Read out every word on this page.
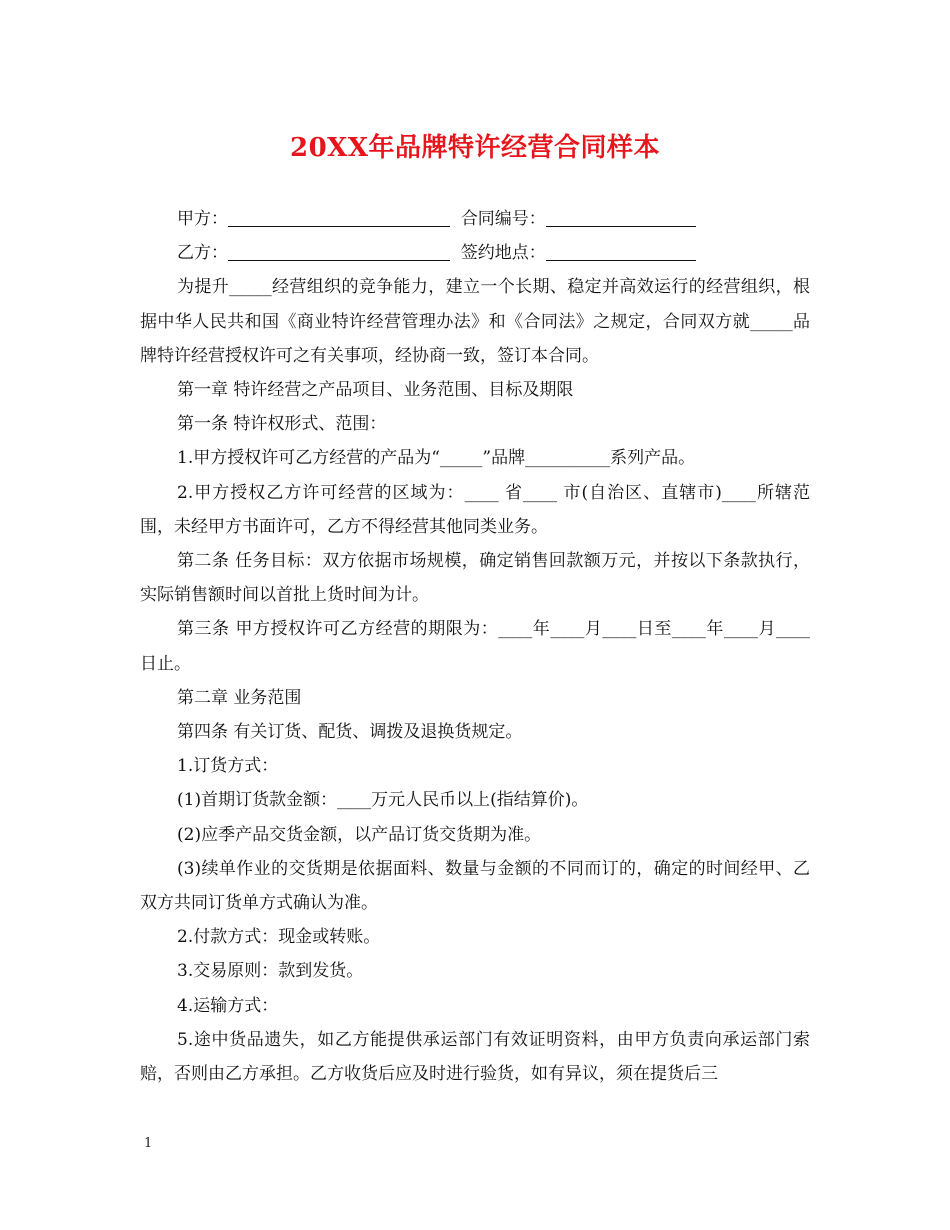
20XX年品牌特许经营合同样本
甲方：	合同编号：
乙方：	签约地点：

为提升_____经营组织的竞争能力，建立一个长期、稳定并高效运行的经营组织，根据中华人民共和国《商业特许经营管理办法》和《合同法》之规定，合同双方就_____品牌特许经营授权许可之有关事项，经协商一致，签订本合同。

第一章 特许经营之产品项目、业务范围、目标及期限

第一条 特许权形式、范围：

1.甲方授权许可乙方经营的产品为“_____”品牌__________系列产品。

2.甲方授权乙方许可经营的区域为：____ 省____ 市(自治区、直辖市)____所辖范围，未经甲方书面许可，乙方不得经营其他同类业务。

第二条 任务目标：双方依据市场规模，确定销售回款额万元，并按以下条款执行，实际销售额时间以首批上货时间为计。

第三条 甲方授权许可乙方经营的期限为：____年____月____日至____年____月____日止。

第二章 业务范围

第四条 有关订货、配货、调拨及退换货规定。

1.订货方式：

(1)首期订货款金额：____万元人民币以上(指结算价)。

(2)应季产品交货金额，以产品订货交货期为准。

(3)续单作业的交货期是依据面料、数量与金额的不同而订的，确定的时间经甲、乙双方共同订货单方式确认为准。

2.付款方式：现金或转账。

3.交易原则：款到发货。

4.运输方式：

5.途中货品遗失，如乙方能提供承运部门有效证明资料，由甲方负责向承运部门索赔，否则由乙方承担。乙方收货后应及时进行验货，如有异议，须在提货后三

1
